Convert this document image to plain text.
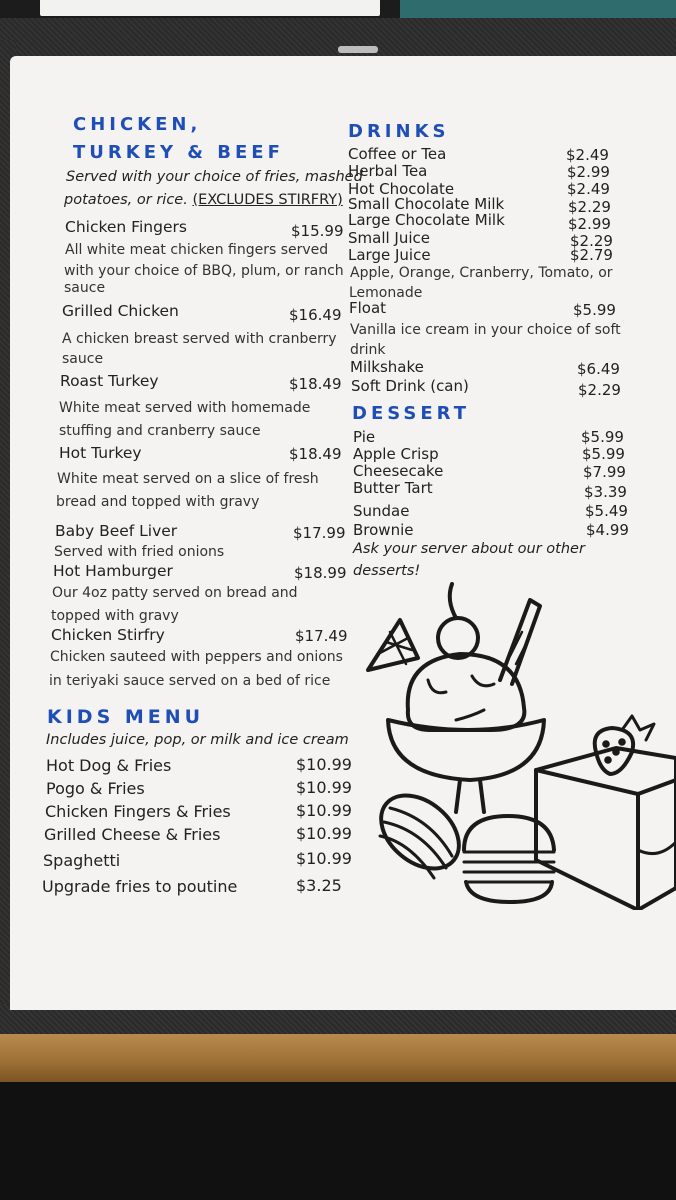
CHICKEN,
TURKEY & BEEF
Served with your choice of fries, mashed
potatoes, or rice. (EXCLUDES STIRFRY)
Chicken Fingers	$15.99
All white meat chicken fingers served
with your choice of BBQ, plum, or ranch
sauce
Grilled Chicken	$16.49
A chicken breast served with cranberry
sauce
Roast Turkey	$18.49
White meat served with homemade
stuffing and cranberry sauce
Hot Turkey	$18.49
White meat served on a slice of fresh
bread and topped with gravy
Baby Beef Liver	$17.99
Served with fried onions
Hot Hamburger	$18.99
Our 4oz patty served on bread and
topped with gravy
Chicken Stirfry	$17.49
Chicken sauteed with peppers and onions
in teriyaki sauce served on a bed of rice
KIDS MENU
Includes juice, pop, or milk and ice cream
Hot Dog & Fries	$10.99
Pogo & Fries	$10.99
Chicken Fingers & Fries	$10.99
Grilled Cheese & Fries	$10.99
Spaghetti	$10.99
Upgrade fries to poutine	$3.25
DRINKS
Coffee or Tea	$2.49
Herbal Tea	$2.99
Hot Chocolate	$2.49
Small Chocolate Milk	$2.29
Large Chocolate Milk	$2.99
Small Juice	$2.29
Large Juice	$2.79
Apple, Orange, Cranberry, Tomato, or
Lemonade
Float	$5.99
Vanilla ice cream in your choice of soft
drink
Milkshake	$6.49
Soft Drink (can)	$2.29
DESSERT
Pie	$5.99
Apple Crisp	$5.99
Cheesecake	$7.99
Butter Tart	$3.39
Sundae	$5.49
Brownie	$4.99
Ask your server about our other
desserts!
